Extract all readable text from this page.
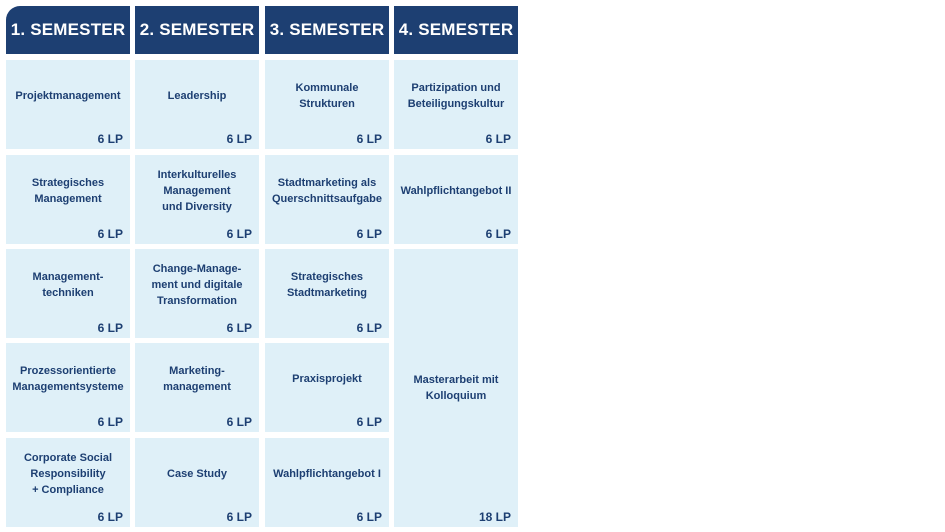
1. SEMESTER
Projektmanagement
6 LP
Strategisches
Management
6 LP
Management-
techniken
6 LP
Prozessorientierte
Managementsysteme
6 LP
Corporate Social
Responsibility
+ Compliance
6 LP
2. SEMESTER
Leadership
6 LP
Interkulturelles
Management
und Diversity
6 LP
Change-Manage-
ment und digitale
Transformation
6 LP
Marketing-
management
6 LP
Case Study
6 LP
3. SEMESTER
Kommunale
Strukturen
6 LP
Stadtmarketing als
Querschnittsaufgabe
6 LP
Strategisches
Stadtmarketing
6 LP
Praxisprojekt
6 LP
Wahlpflichtangebot I
6 LP
4. SEMESTER
Partizipation und
Beteiligungskultur
6 LP
Wahlpflichtangebot II
6 LP
Masterarbeit mit
Kolloquium
18 LP
